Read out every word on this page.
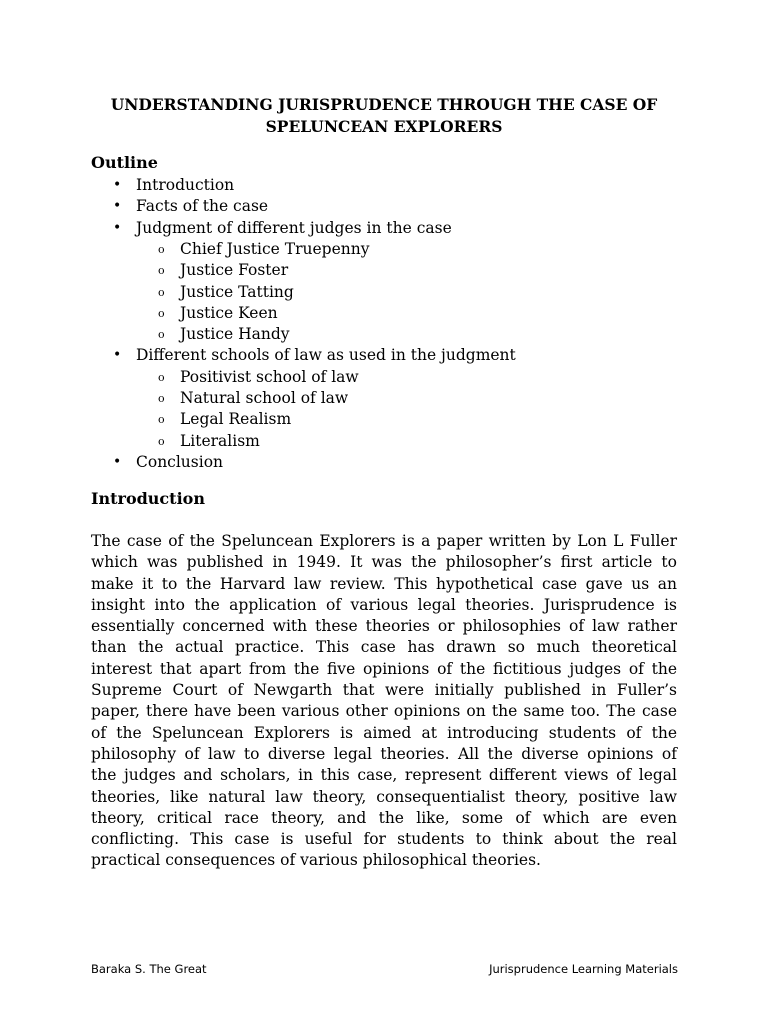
UNDERSTANDING JURISPRUDENCE THROUGH THE CASE OF
SPELUNCEAN EXPLORERS
Outline
• Introduction
• Facts of the case
• Judgment of different judges in the case
o Chief Justice Truepenny
o Justice Foster
o Justice Tatting
o Justice Keen
o Justice Handy
• Different schools of law as used in the judgment
o Positivist school of law
o Natural school of law
o Legal Realism
o Literalism
• Conclusion
Introduction
The case of the Speluncean Explorers is a paper written by Lon L Fuller
which was published in 1949. It was the philosopher’s first article to
make it to the Harvard law review. This hypothetical case gave us an
insight into the application of various legal theories. Jurisprudence is
essentially concerned with these theories or philosophies of law rather
than the actual practice. This case has drawn so much theoretical
interest that apart from the five opinions of the fictitious judges of the
Supreme Court of Newgarth that were initially published in Fuller’s
paper, there have been various other opinions on the same too. The case
of the Speluncean Explorers is aimed at introducing students of the
philosophy of law to diverse legal theories. All the diverse opinions of
the judges and scholars, in this case, represent different views of legal
theories, like natural law theory, consequentialist theory, positive law
theory, critical race theory, and the like, some of which are even
conflicting. This case is useful for students to think about the real
practical consequences of various philosophical theories.
Baraka S. The Great	Jurisprudence Learning Materials
